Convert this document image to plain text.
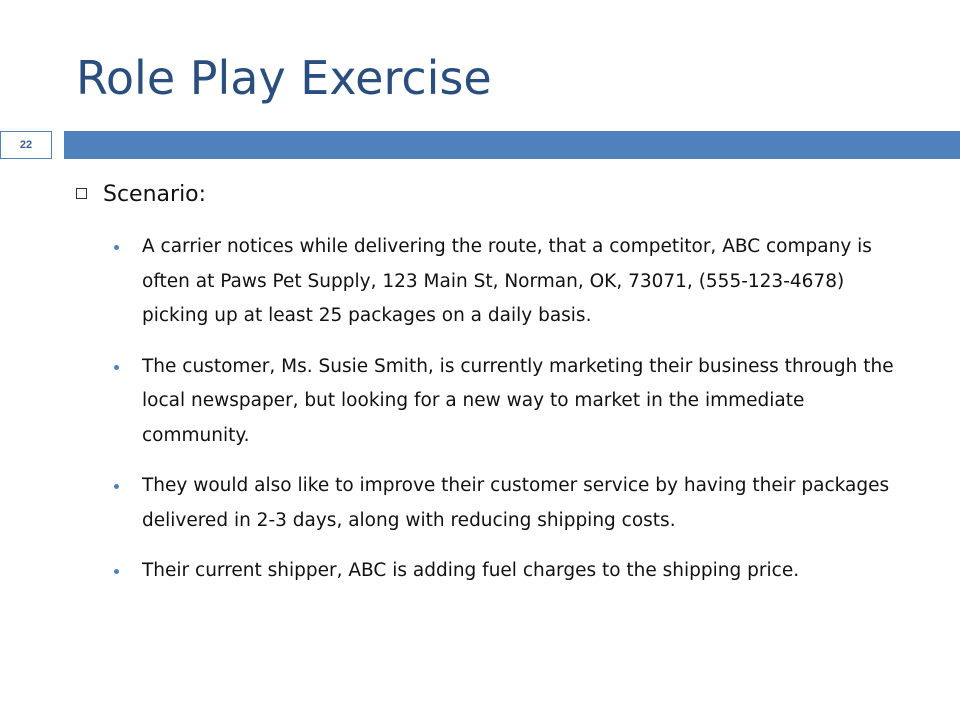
Role Play Exercise
22

Scenario:

A carrier notices while delivering the route, that a competitor, ABC company is often at Paws Pet Supply, 123 Main St, Norman, OK, 73071, (555-123-4678) picking up at least 25 packages on a daily basis.
The customer, Ms. Susie Smith, is currently marketing their business through the local newspaper, but looking for a new way to market in the immediate community.
They would also like to improve their customer service by having their packages delivered in 2-3 days, along with reducing shipping costs.
Their current shipper, ABC is adding fuel charges to the shipping price.
